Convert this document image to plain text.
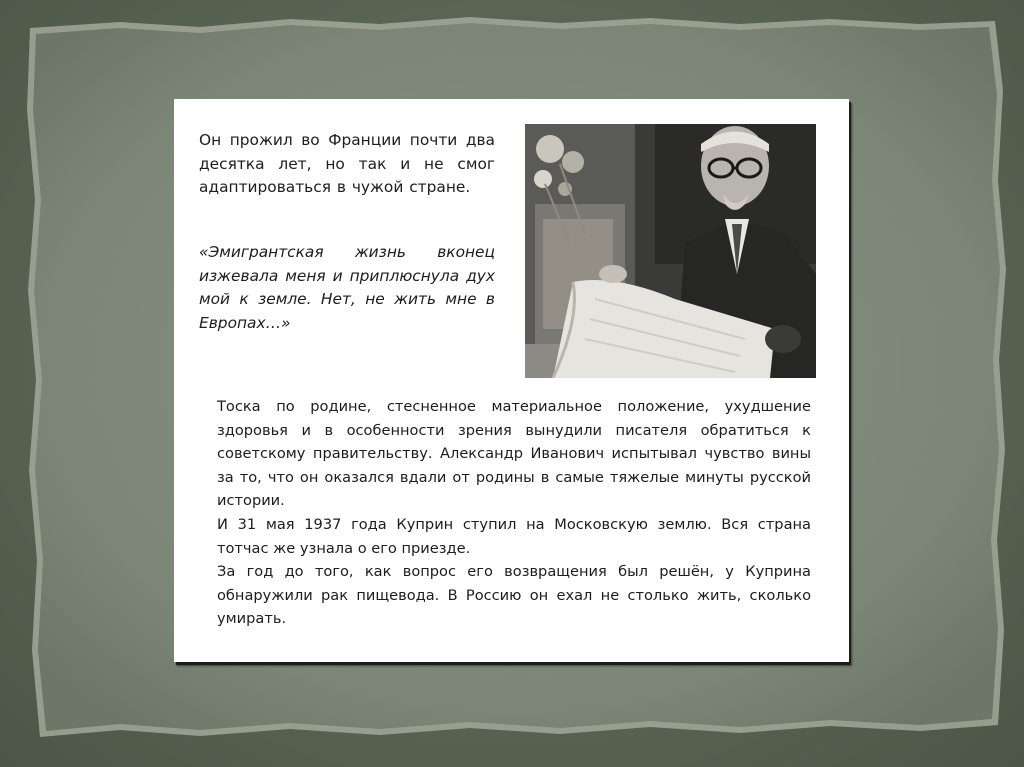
Он прожил во Франции почти два десятка лет, но так и не смог адаптироваться в чужой стране.
«Эмигрантская жизнь вконец изжевала меня и приплюснула дух мой к земле. Нет, не жить мне в Европах…»

Тоска по родине, стесненное материальное положение, ухудшение здоровья и в особенности зрения вынудили писателя обратиться к советскому правительству. Александр Иванович испытывал чувство вины за то, что он оказался вдали от родины в самые тяжелые минуты русской истории.

И 31 мая 1937 года Куприн ступил на Московскую землю. Вся страна тотчас же узнала о его приезде.

За год до того, как вопрос его возвращения был решён, у Куприна обнаружили рак пищевода. В Россию он ехал не столько жить, сколько умирать.
